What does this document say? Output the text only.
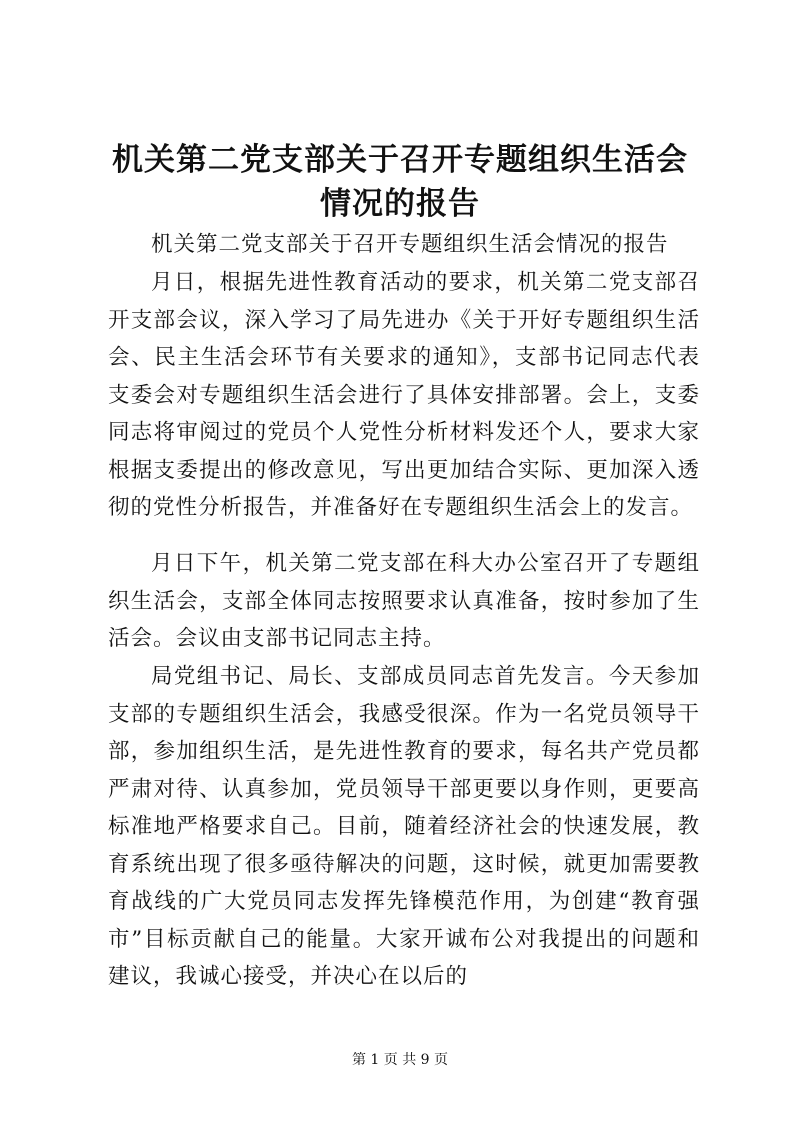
机关第二党支部关于召开专题组织生活会情况的报告

机关第二党支部关于召开专题组织生活会情况的报告

月日，根据先进性教育活动的要求，机关第二党支部召开支部会议，深入学习了局先进办《关于开好专题组织生活会、民主生活会环节有关要求的通知》，支部书记同志代表支委会对专题组织生活会进行了具体安排部署。会上，支委同志将审阅过的党员个人党性分析材料发还个人，要求大家根据支委提出的修改意见，写出更加结合实际、更加深入透彻的党性分析报告，并准备好在专题组织生活会上的发言。

月日下午，机关第二党支部在科大办公室召开了专题组织生活会，支部全体同志按照要求认真准备，按时参加了生活会。会议由支部书记同志主持。

局党组书记、局长、支部成员同志首先发言。今天参加支部的专题组织生活会，我感受很深。作为一名党员领导干部，参加组织生活，是先进性教育的要求，每名共产党员都严肃对待、认真参加，党员领导干部更要以身作则，更要高标准地严格要求自己。目前，随着经济社会的快速发展，教育系统出现了很多亟待解决的问题，这时候，就更加需要教育战线的广大党员同志发挥先锋模范作用，为创建“教育强市”目标贡献自己的能量。大家开诚布公对我提出的问题和建议，我诚心接受，并决心在以后的

第 1 页 共 9 页
